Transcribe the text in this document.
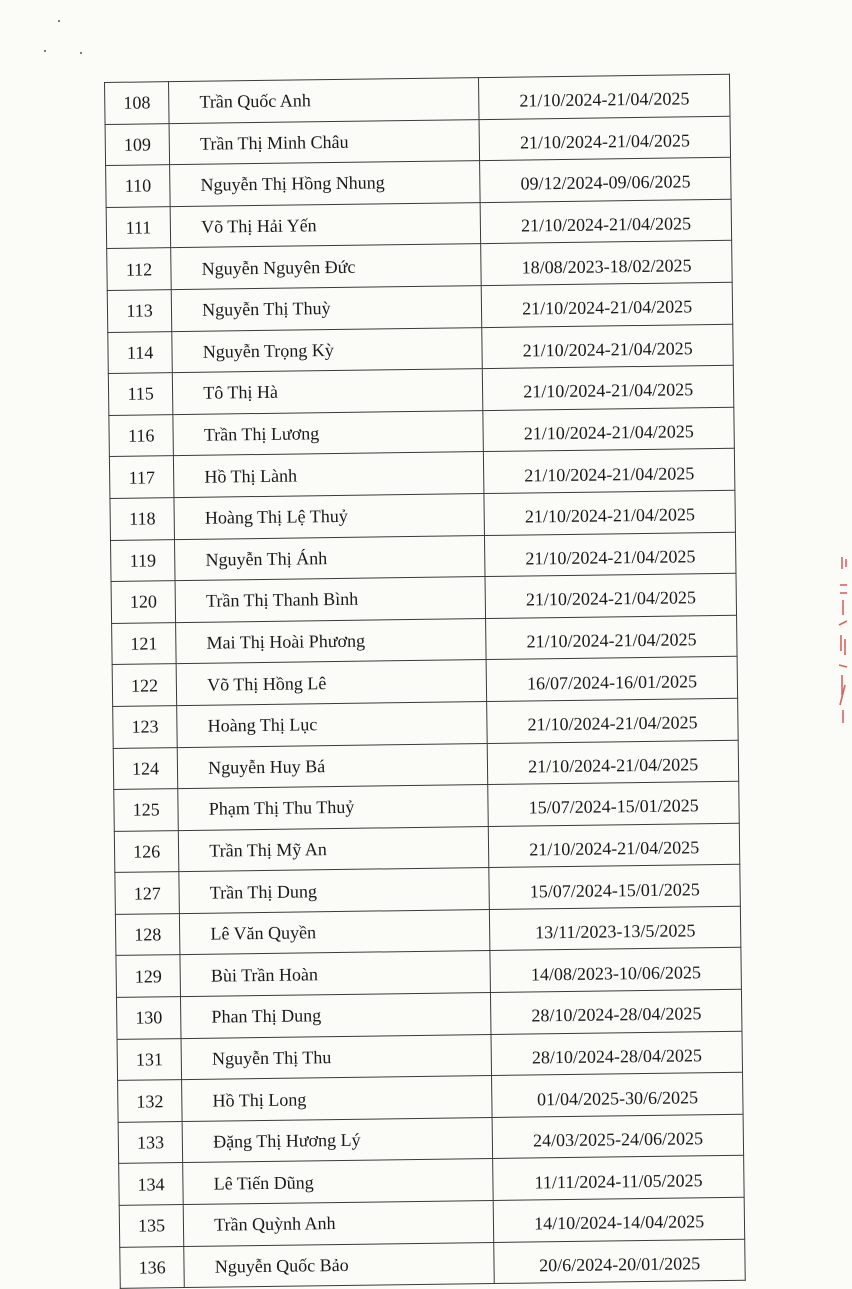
108	Trần Quốc Anh	21/10/2024-21/04/2025
109	Trần Thị Minh Châu	21/10/2024-21/04/2025
110	Nguyễn Thị Hồng Nhung	09/12/2024-09/06/2025
111	Võ Thị Hải Yến	21/10/2024-21/04/2025
112	Nguyễn Nguyên Đức	18/08/2023-18/02/2025
113	Nguyễn Thị Thuỳ	21/10/2024-21/04/2025
114	Nguyễn Trọng Kỳ	21/10/2024-21/04/2025
115	Tô Thị Hà	21/10/2024-21/04/2025
116	Trần Thị Lương	21/10/2024-21/04/2025
117	Hồ Thị Lành	21/10/2024-21/04/2025
118	Hoàng Thị Lệ Thuỷ	21/10/2024-21/04/2025
119	Nguyễn Thị Ánh	21/10/2024-21/04/2025
120	Trần Thị Thanh Bình	21/10/2024-21/04/2025
121	Mai Thị Hoài Phương	21/10/2024-21/04/2025
122	Võ Thị Hồng Lê	16/07/2024-16/01/2025
123	Hoàng Thị Lục	21/10/2024-21/04/2025
124	Nguyễn Huy Bá	21/10/2024-21/04/2025
125	Phạm Thị Thu Thuỷ	15/07/2024-15/01/2025
126	Trần Thị Mỹ An	21/10/2024-21/04/2025
127	Trần Thị Dung	15/07/2024-15/01/2025
128	Lê Văn Quyền	13/11/2023-13/5/2025
129	Bùi Trần Hoàn	14/08/2023-10/06/2025
130	Phan Thị Dung	28/10/2024-28/04/2025
131	Nguyễn Thị Thu	28/10/2024-28/04/2025
132	Hồ Thị Long	01/04/2025-30/6/2025
133	Đặng Thị Hương Lý	24/03/2025-24/06/2025
134	Lê Tiến Dũng	11/11/2024-11/05/2025
135	Trần Quỳnh Anh	14/10/2024-14/04/2025
136	Nguyễn Quốc Bảo	20/6/2024-20/01/2025
